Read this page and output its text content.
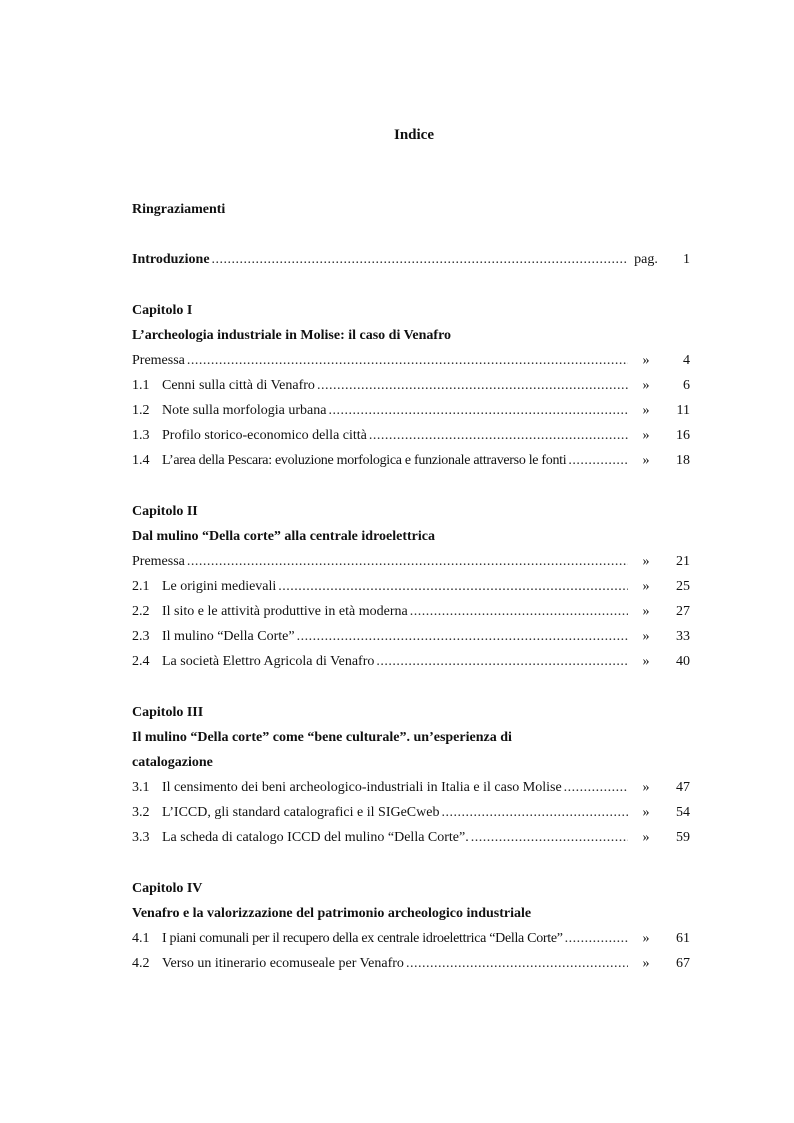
Indice
Ringraziamenti
Introduzione .....	pag.	1
Capitolo I
L’archeologia industriale in Molise: il caso di Venafro
Premessa .....	»	4
1.1 Cenni sulla città di Venafro .....	»	6
1.2 Note sulla morfologia urbana .....	»	11
1.3 Profilo storico-economico della città .....	»	16
1.4 L’area della Pescara: evoluzione morfologica e funzionale attraverso le fonti .....	»	18
Capitolo II
Dal mulino “Della corte” alla centrale idroelettrica
Premessa .....	»	21
2.1 Le origini medievali .....	»	25
2.2 Il sito e le attività produttive in età moderna .....	»	27
2.3 Il mulino “Della Corte” .....	»	33
2.4 La società Elettro Agricola di Venafro .....	»	40
Capitolo III
Il mulino “Della corte” come “bene culturale”. un’esperienza di
catalogazione
3.1 Il censimento dei beni archeologico-industriali in Italia e il caso Molise .....	»	47
3.2 L’ICCD, gli standard catalografici e il SIGeCweb .....	»	54
3.3 La scheda di catalogo ICCD del mulino “Della Corte”. .....	»	59
Capitolo IV
Venafro e la valorizzazione del patrimonio archeologico industriale
4.1 I piani comunali per il recupero della ex centrale idroelettrica “Della Corte” .....	»	61
4.2 Verso un itinerario ecomuseale per Venafro .....	»	67
